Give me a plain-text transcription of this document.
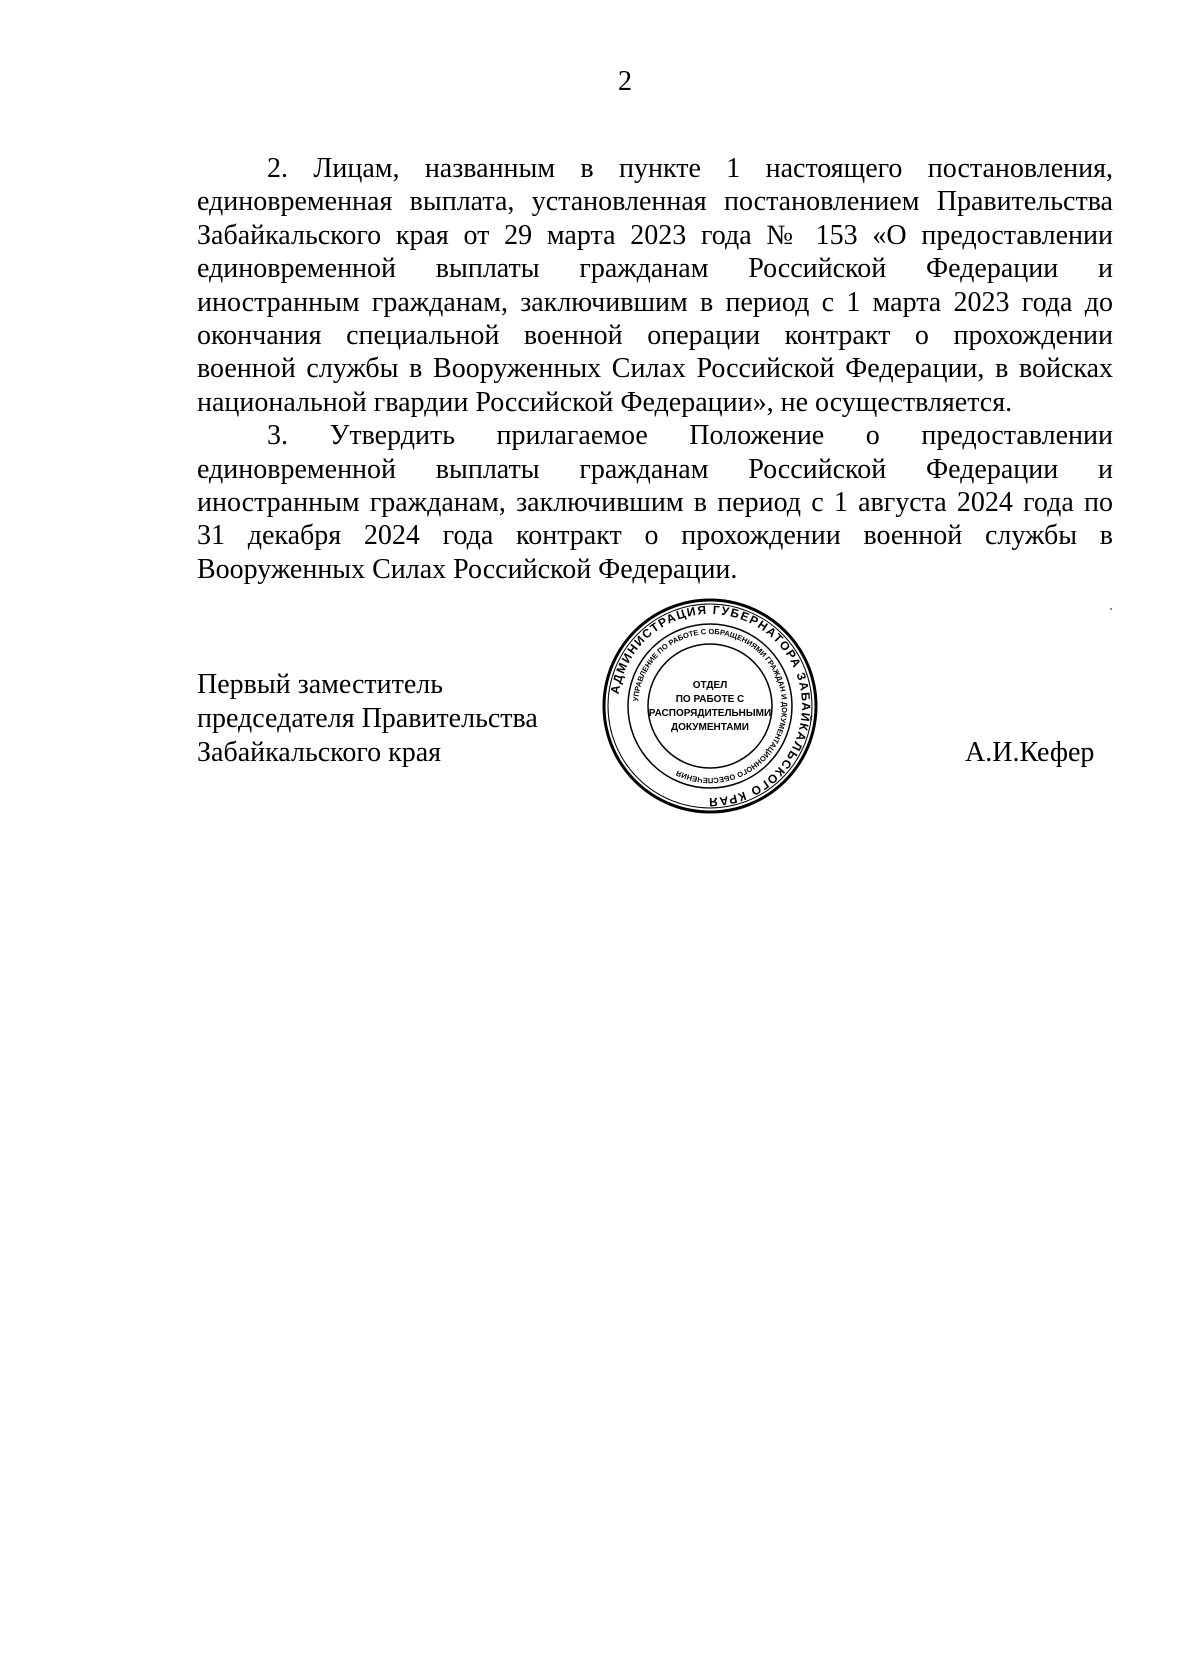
2

2. Лицам, названным в пункте 1 настоящего постановления, единовременная выплата, установленная постановлением Правительства Забайкальского края от 29 марта 2023 года № 153 «О предоставлении единовременной выплаты гражданам Российской Федерации и иностранным гражданам, заключившим в период с 1 марта 2023 года до окончания специальной военной операции контракт о прохождении военной службы в Вооруженных Силах Российской Федерации, в войсках национальной гвардии Российской Федерации», не осуществляется.

3. Утвердить прилагаемое Положение о предоставлении единовременной выплаты гражданам Российской Федерации и иностранным гражданам, заключившим в период с 1 августа 2024 года по 31 декабря 2024 года контракт о прохождении военной службы в Вооруженных Силах Российской Федерации.

АДМИНИСТРАЦИЯ ГУБЕРНАТОРА ЗАБАЙКАЛЬСКОГО КРАЯ
УПРАВЛЕНИЕ ПО РАБОТЕ С ОБРАЩЕНИЯМИ ГРАЖДАН И ДОКУМЕНТАЦИОННОГО ОБЕСПЕЧЕНИЯ
ОТДЕЛ
ПО РАБОТЕ С
РАСПОРЯДИТЕЛЬНЫМИ
ДОКУМЕНТАМИ
Первый заместитель
председателя Правительства
Забайкальского края	А.И.Кефер
